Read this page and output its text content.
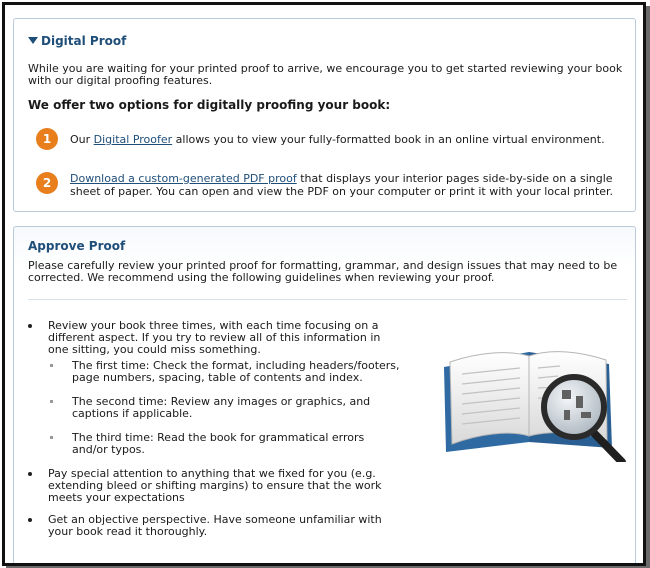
Digital Proof
While you are waiting for your printed proof to arrive, we encourage you to get started reviewing your book with our digital proofing features.
We offer two options for digitally proofing your book:
1	Our Digital Proofer allows you to view your fully-formatted book in an online virtual environment.
2	Download a custom-generated PDF proof that displays your interior pages side-by-side on a single sheet of paper. You can open and view the PDF on your computer or print it with your local printer.
Approve Proof
Please carefully review your printed proof for formatting, grammar, and design issues that may need to be corrected. We recommend using the following guidelines when reviewing your proof.
Review your book three times, with each time focusing on a different aspect. If you try to review all of this information in one sitting, you could miss something.
The first time: Check the format, including headers/footers, page numbers, spacing, table of contents and index.
The second time: Review any images or graphics, and captions if applicable.
The third time: Read the book for grammatical errors and/or typos.
Pay special attention to anything that we fixed for you (e.g. extending bleed or shifting margins) to ensure that the work meets your expectations
Get an objective perspective. Have someone unfamiliar with your book read it thoroughly.
